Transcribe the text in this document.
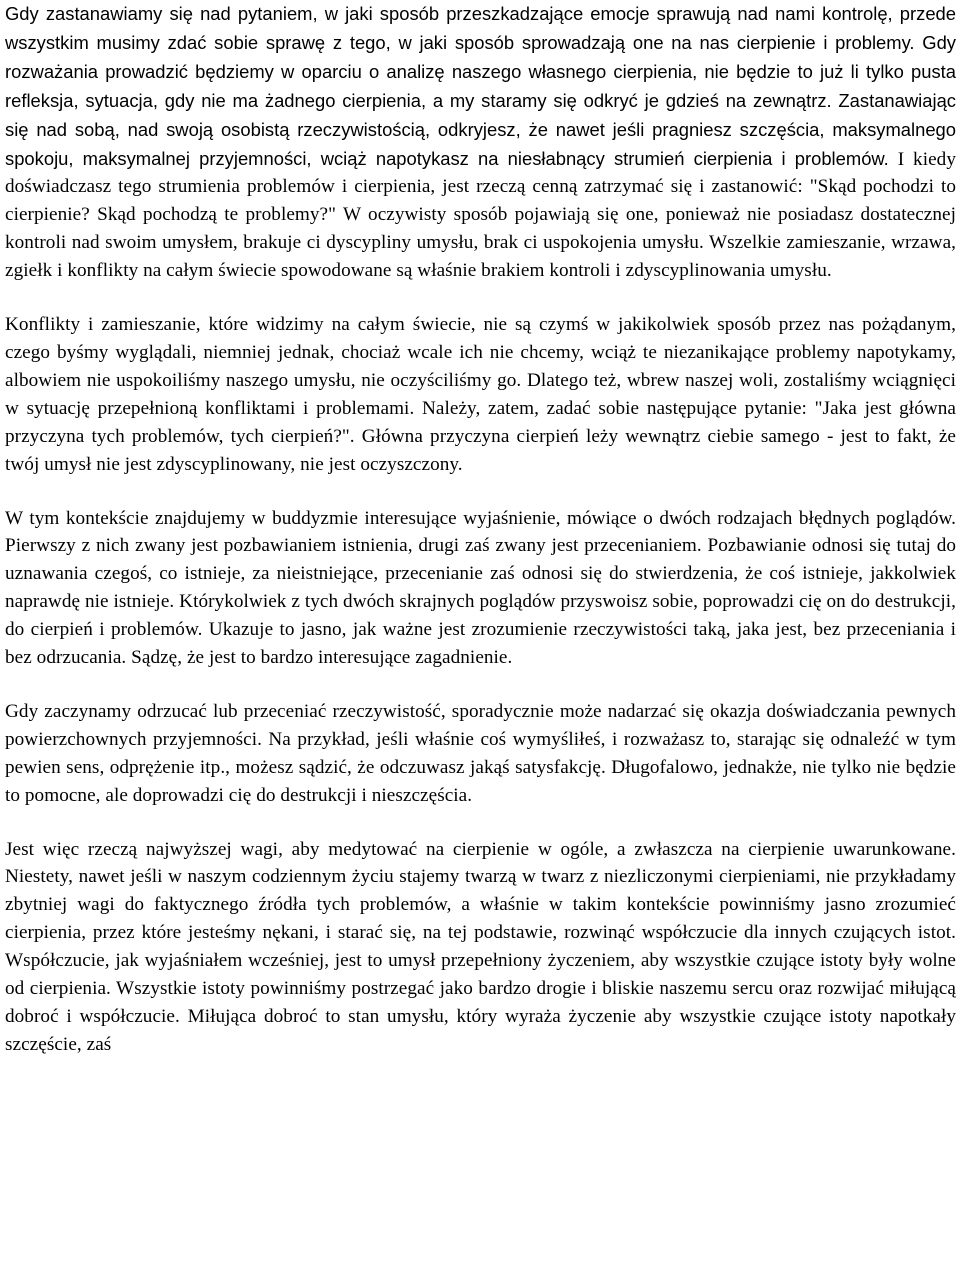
Gdy zastanawiamy się nad pytaniem, w jaki sposób przeszkadzające emocje sprawują nad nami kontrolę, przede wszystkim musimy zdać sobie sprawę z tego, w jaki sposób sprowadzają one na nas cierpienie i problemy. Gdy rozważania prowadzić będziemy w oparciu o analizę naszego własnego cierpienia, nie będzie to już li tylko pusta refleksja, sytuacja, gdy nie ma żadnego cierpienia, a my staramy się odkryć je gdzieś na zewnątrz. Zastanawiając się nad sobą, nad swoją osobistą rzeczywistością, odkryjesz, że nawet jeśli pragniesz szczęścia, maksymalnego spokoju, maksymalnej przyjemności, wciąż napotykasz na niesłabnący strumień cierpienia i problemów. I kiedy doświadczasz tego strumienia problemów i cierpienia, jest rzeczą cenną zatrzymać się i zastanowić: "Skąd pochodzi to cierpienie? Skąd pochodzą te problemy?" W oczywisty sposób pojawiają się one, ponieważ nie posiadasz dostatecznej kontroli nad swoim umysłem, brakuje ci dyscypliny umysłu, brak ci uspokojenia umysłu. Wszelkie zamieszanie, wrzawa, zgiełk i konflikty na całym świecie spowodowane są właśnie brakiem kontroli i zdyscyplinowania umysłu.

Konflikty i zamieszanie, które widzimy na całym świecie, nie są czymś w jakikolwiek sposób przez nas pożądanym, czego byśmy wyglądali, niemniej jednak, chociaż wcale ich nie chcemy, wciąż te niezanikające problemy napotykamy, albowiem nie uspokoiliśmy naszego umysłu, nie oczyściliśmy go. Dlatego też, wbrew naszej woli, zostaliśmy wciągnięci w sytuację przepełnioną konfliktami i problemami. Należy, zatem, zadać sobie następujące pytanie: "Jaka jest główna przyczyna tych problemów, tych cierpień?". Główna przyczyna cierpień leży wewnątrz ciebie samego - jest to fakt, że twój umysł nie jest zdyscyplinowany, nie jest oczyszczony.

W tym kontekście znajdujemy w buddyzmie interesujące wyjaśnienie, mówiące o dwóch rodzajach błędnych poglądów. Pierwszy z nich zwany jest pozbawianiem istnienia, drugi zaś zwany jest przecenianiem. Pozbawianie odnosi się tutaj do uznawania czegoś, co istnieje, za nieistniejące, przecenianie zaś odnosi się do stwierdzenia, że coś istnieje, jakkolwiek naprawdę nie istnieje. Którykolwiek z tych dwóch skrajnych poglądów przyswoisz sobie, poprowadzi cię on do destrukcji, do cierpień i problemów. Ukazuje to jasno, jak ważne jest zrozumienie rzeczywistości taką, jaka jest, bez przeceniania i bez odrzucania. Sądzę, że jest to bardzo interesujące zagadnienie.

Gdy zaczynamy odrzucać lub przeceniać rzeczywistość, sporadycznie może nadarzać się okazja doświadczania pewnych powierzchownych przyjemności. Na przykład, jeśli właśnie coś wymyśliłeś, i rozważasz to, starając się odnaleźć w tym pewien sens, odprężenie itp., możesz sądzić, że odczuwasz jakąś satysfakcję. Długofalowo, jednakże, nie tylko nie będzie to pomocne, ale doprowadzi cię do destrukcji i nieszczęścia.

Jest więc rzeczą najwyższej wagi, aby medytować na cierpienie w ogóle, a zwłaszcza na cierpienie uwarunkowane. Niestety, nawet jeśli w naszym codziennym życiu stajemy twarzą w twarz z niezliczonymi cierpieniami, nie przykładamy zbytniej wagi do faktycznego źródła tych problemów, a właśnie w takim kontekście powinniśmy jasno zrozumieć cierpienia, przez które jesteśmy nękani, i starać się, na tej podstawie, rozwinąć współczucie dla innych czujących istot. Współczucie, jak wyjaśniałem wcześniej, jest to umysł przepełniony życzeniem, aby wszystkie czujące istoty były wolne od cierpienia. Wszystkie istoty powinniśmy postrzegać jako bardzo drogie i bliskie naszemu sercu oraz rozwijać miłującą dobroć i współczucie. Miłująca dobroć to stan umysłu, który wyraża życzenie aby wszystkie czujące istoty napotkały szczęście, zaś
